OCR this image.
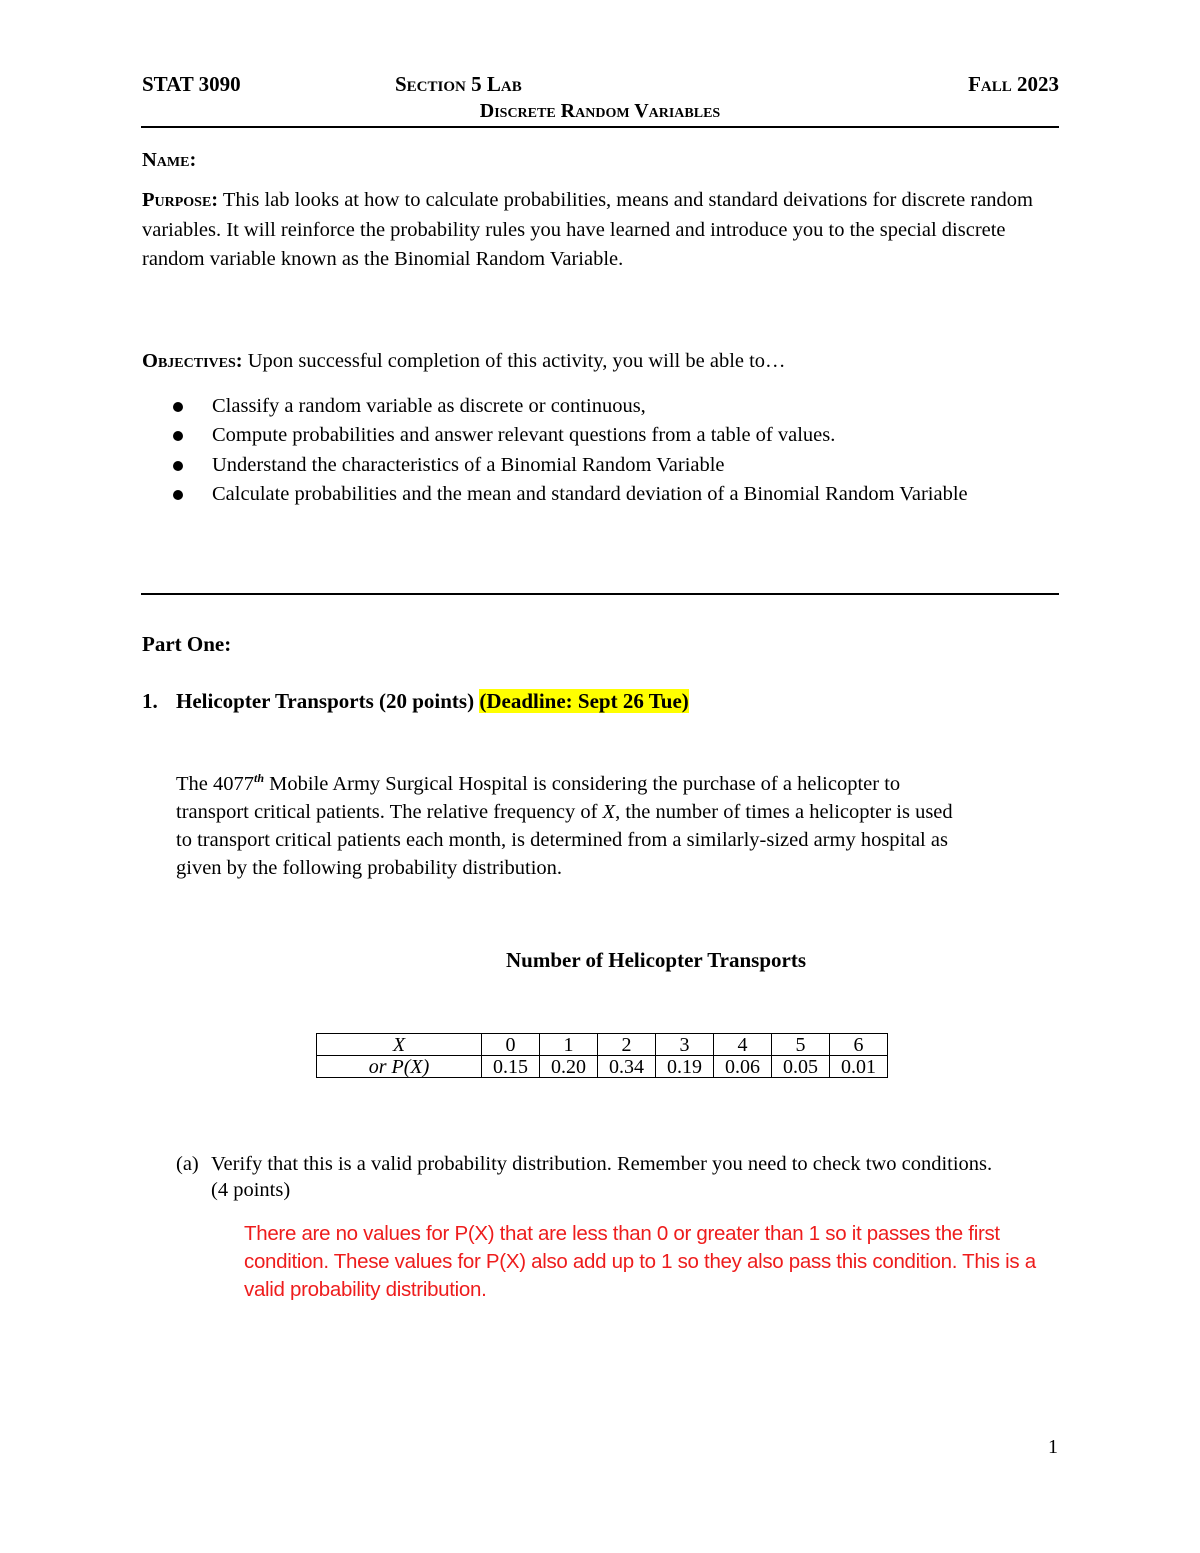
STAT 3090	Section 5 Lab	Fall 2023
Discrete Random Variables
Name:
Purpose: This lab looks at how to calculate probabilities, means and standard deivations for discrete random variables. It will reinforce the probability rules you have learned and introduce you to the special discrete random variable known as the Binomial Random Variable.
Objectives: Upon successful completion of this activity, you will be able to…
Classify a random variable as discrete or continuous,
Compute probabilities and answer relevant questions from a table of values.
Understand the characteristics of a Binomial Random Variable
Calculate probabilities and the mean and standard deviation of a Binomial Random Variable
Part One:
1. Helicopter Transports (20 points) (Deadline: Sept 26 Tue)
The 4077th Mobile Army Surgical Hospital is considering the purchase of a helicopter to transport critical patients. The relative frequency of X, the number of times a helicopter is used to transport critical patients each month, is determined from a similarly-sized army hospital as given by the following probability distribution.
Number of Helicopter Transports
X	0	1	2	3	4	5	6
or P(X)	0.15	0.20	0.34	0.19	0.06	0.05	0.01
(a) Verify that this is a valid probability distribution. Remember you need to check two conditions. (4 points)
There are no values for P(X) that are less than 0 or greater than 1 so it passes the first condition. These values for P(X) also add up to 1 so they also pass this condition. This is a valid probability distribution.
1
